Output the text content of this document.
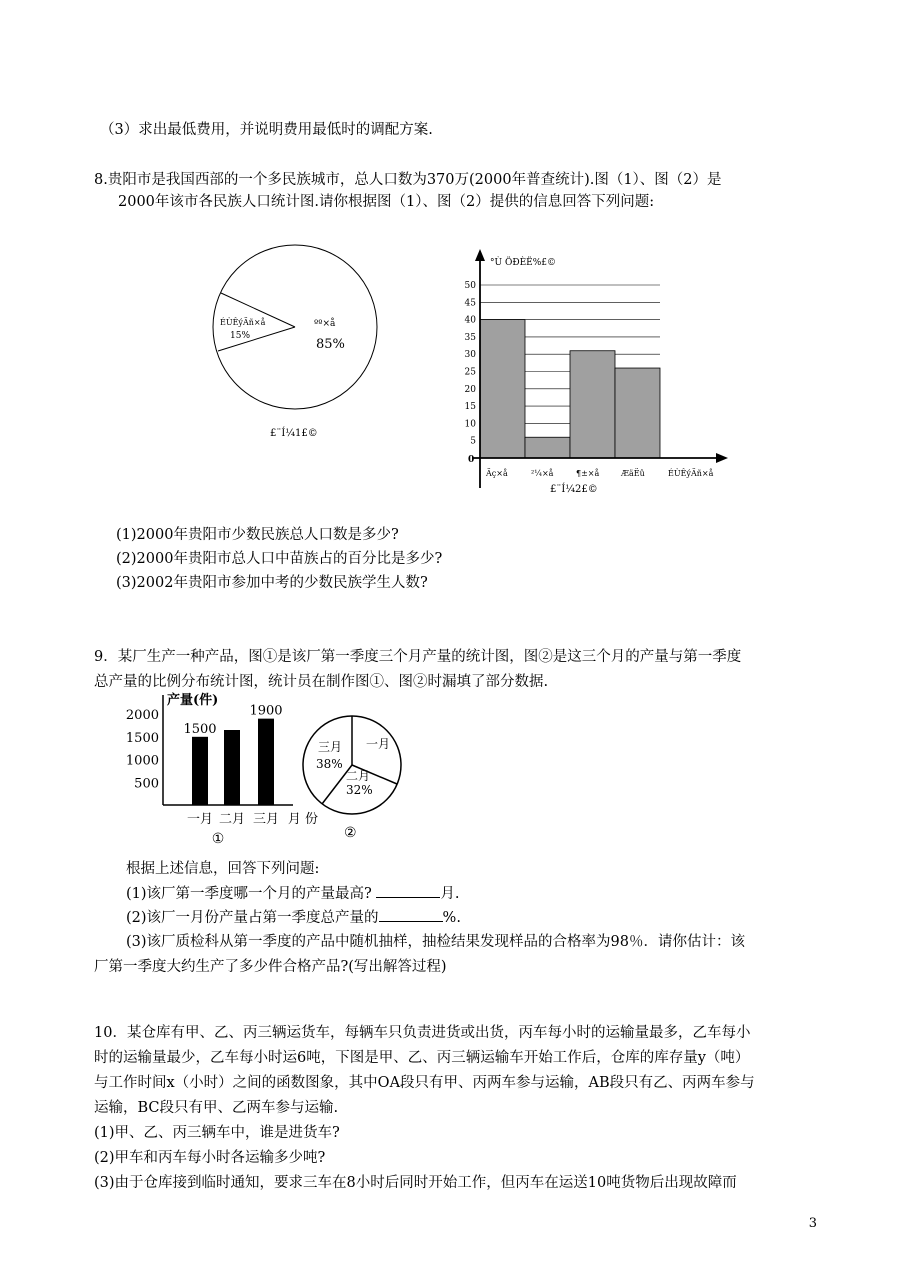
（3）求出最低费用，并说明费用最低时的调配方案.
8.贵阳市是我国西部的一个多民族城市，总人口数为370万(2000年普查统计).图（1）、图（2）是
2000年该市各民族人口统计图.请你根据图（1）、图（2）提供的信息回答下列问题:
ÉÙÊýÃñ×å
15%
ºº×å
85%
£¨Í¼1£©
5
10
15
20
25
30
35
40
45
50
Ãç×å	²¼×å	¶±×å	ÆäËû
0
ÉÙÊýÃñ×å
°Ù ÖÐÈË%£©
£¨Í¼2£©
(1)2000年贵阳市少数民族总人口数是多少?
(2)2000年贵阳市总人口中苗族占的百分比是多少?
(3)2002年贵阳市参加中考的少数民族学生人数?
9．某厂生产一种产品，图①是该厂第一季度三个月产量的统计图，图②是这三个月的产量与第一季度
总产量的比例分布统计图，统计员在制作图①、图②时漏填了部分数据.
产量(件)
2000
1500
1000
500
1500
一月 二月
1900
三月 月 份
①
三月
38%
一月
二月
32%
②
根据上述信息，回答下列问题:
(1)该厂第一季度哪一个月的产量最高?	月.
(2)该厂一月份产量占第一季度总产量的	%.
(3)该厂质检科从第一季度的产品中随机抽样，抽检结果发现样品的合格率为98％．请你估计：该
厂第一季度大约生产了多少件合格产品?(写出解答过程)
10．某仓库有甲、乙、丙三辆运货车，每辆车只负责进货或出货，丙车每小时的运输量最多，乙车每小
时的运输量最少，乙车每小时运6吨，下图是甲、乙、丙三辆运输车开始工作后，仓库的库存量y（吨）
与工作时间x（小时）之间的函数图象，其中OA段只有甲、丙两车参与运输，AB段只有乙、丙两车参与
运输，BC段只有甲、乙两车参与运输.
(1)甲、乙、丙三辆车中，谁是进货车?
(2)甲车和丙车每小时各运输多少吨?
(3)由于仓库接到临时通知，要求三车在8小时后同时开始工作，但丙车在运送10吨货物后出现故障而
3
